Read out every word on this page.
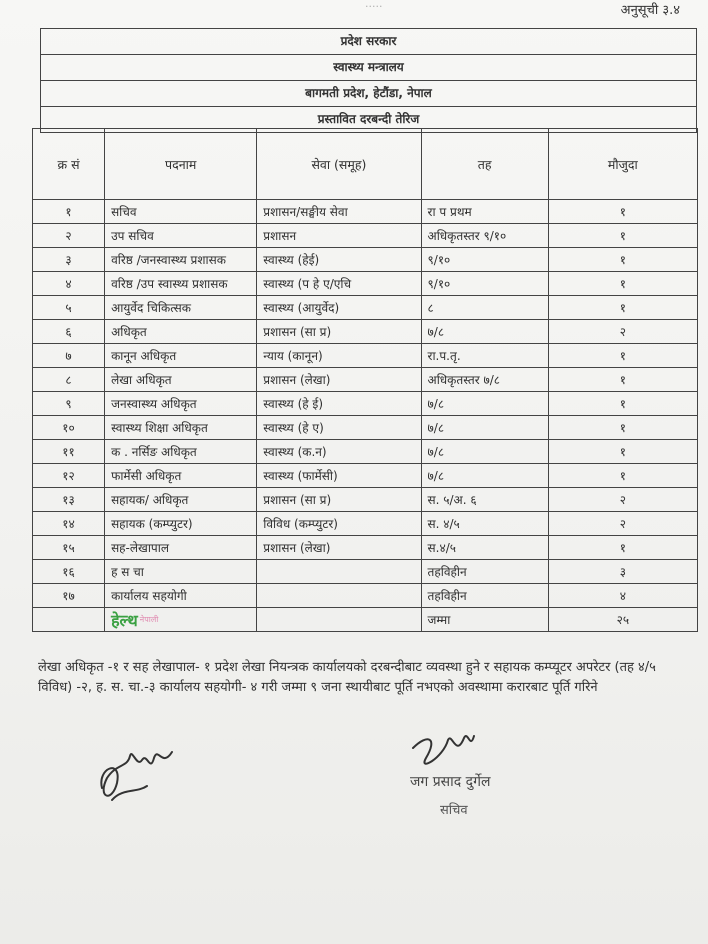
·····	अनुसूची ३.४
प्रदेश सरकार
स्वास्थ्य मन्त्रालय
बागमती प्रदेश, हेटौंडा, नेपाल
प्रस्तावित दरबन्दी तेरिज
क्र सं	पदनाम	सेवा (समूह)	तह	मौजुदा
१	सचिव	प्रशासन/सङ्घीय सेवा	रा प प्रथम	१
२	उप सचिव	प्रशासन	अधिकृतस्तर ९/१०	१
३	वरिष्ठ /जनस्वास्थ्य प्रशासक	स्वास्थ्य (हेई)	९/१०	१
४	वरिष्ठ /उप स्वास्थ्य प्रशासक	स्वास्थ्य (प हे ए/एचि	९/१०	१
५	आयुर्वेद चिकित्सक	स्वास्थ्य (आयुर्वेद)	८	१
६	अधिकृत	प्रशासन (सा प्र)	७/८	२
७	कानून अधिकृत	न्याय (कानून)	रा.प.तृ.	१
८	लेखा अधिकृत	प्रशासन (लेखा)	अधिकृतस्तर ७/८	१
९	जनस्वास्थ्य अधिकृत	स्वास्थ्य (हे ई)	७/८	१
१०	स्वास्थ्य शिक्षा अधिकृत	स्वास्थ्य (हे ए)	७/८	१
११	क . नर्सिङ अधिकृत	स्वास्थ्य (क.न)	७/८	१
१२	फार्मेसी अधिकृत	स्वास्थ्य (फार्मेसी)	७/८	१
१३	सहायक/ अधिकृत	प्रशासन (सा प्र)	स. ५/अ. ६	२
१४	सहायक (कम्प्युटर)	विविध (कम्प्युटर)	स. ४/५	२
१५	सह-लेखापाल	प्रशासन (लेखा)	स.४/५	१
१६	ह स चा		तहविहीन	३
१७	कार्यालय सहयोगी		तहविहीन	४

	हेल्थ नेपाली		जम्मा	२५
लेखा अधिकृत -१ र सह लेखापाल- १ प्रदेश लेखा नियन्त्रक कार्यालयको दरबन्दीबाट व्यवस्था हुने र सहायक कम्प्यूटर अपरेटर (तह ४/५ विविध) -२, ह. स. चा.-३ कार्यालय सहयोगी- ४ गरी जम्मा ९ जना स्थायीबाट पूर्ति नभएको अवस्थामा करारबाट पूर्ति गरिने
जग प्रसाद दुर्गेल
सचिव
